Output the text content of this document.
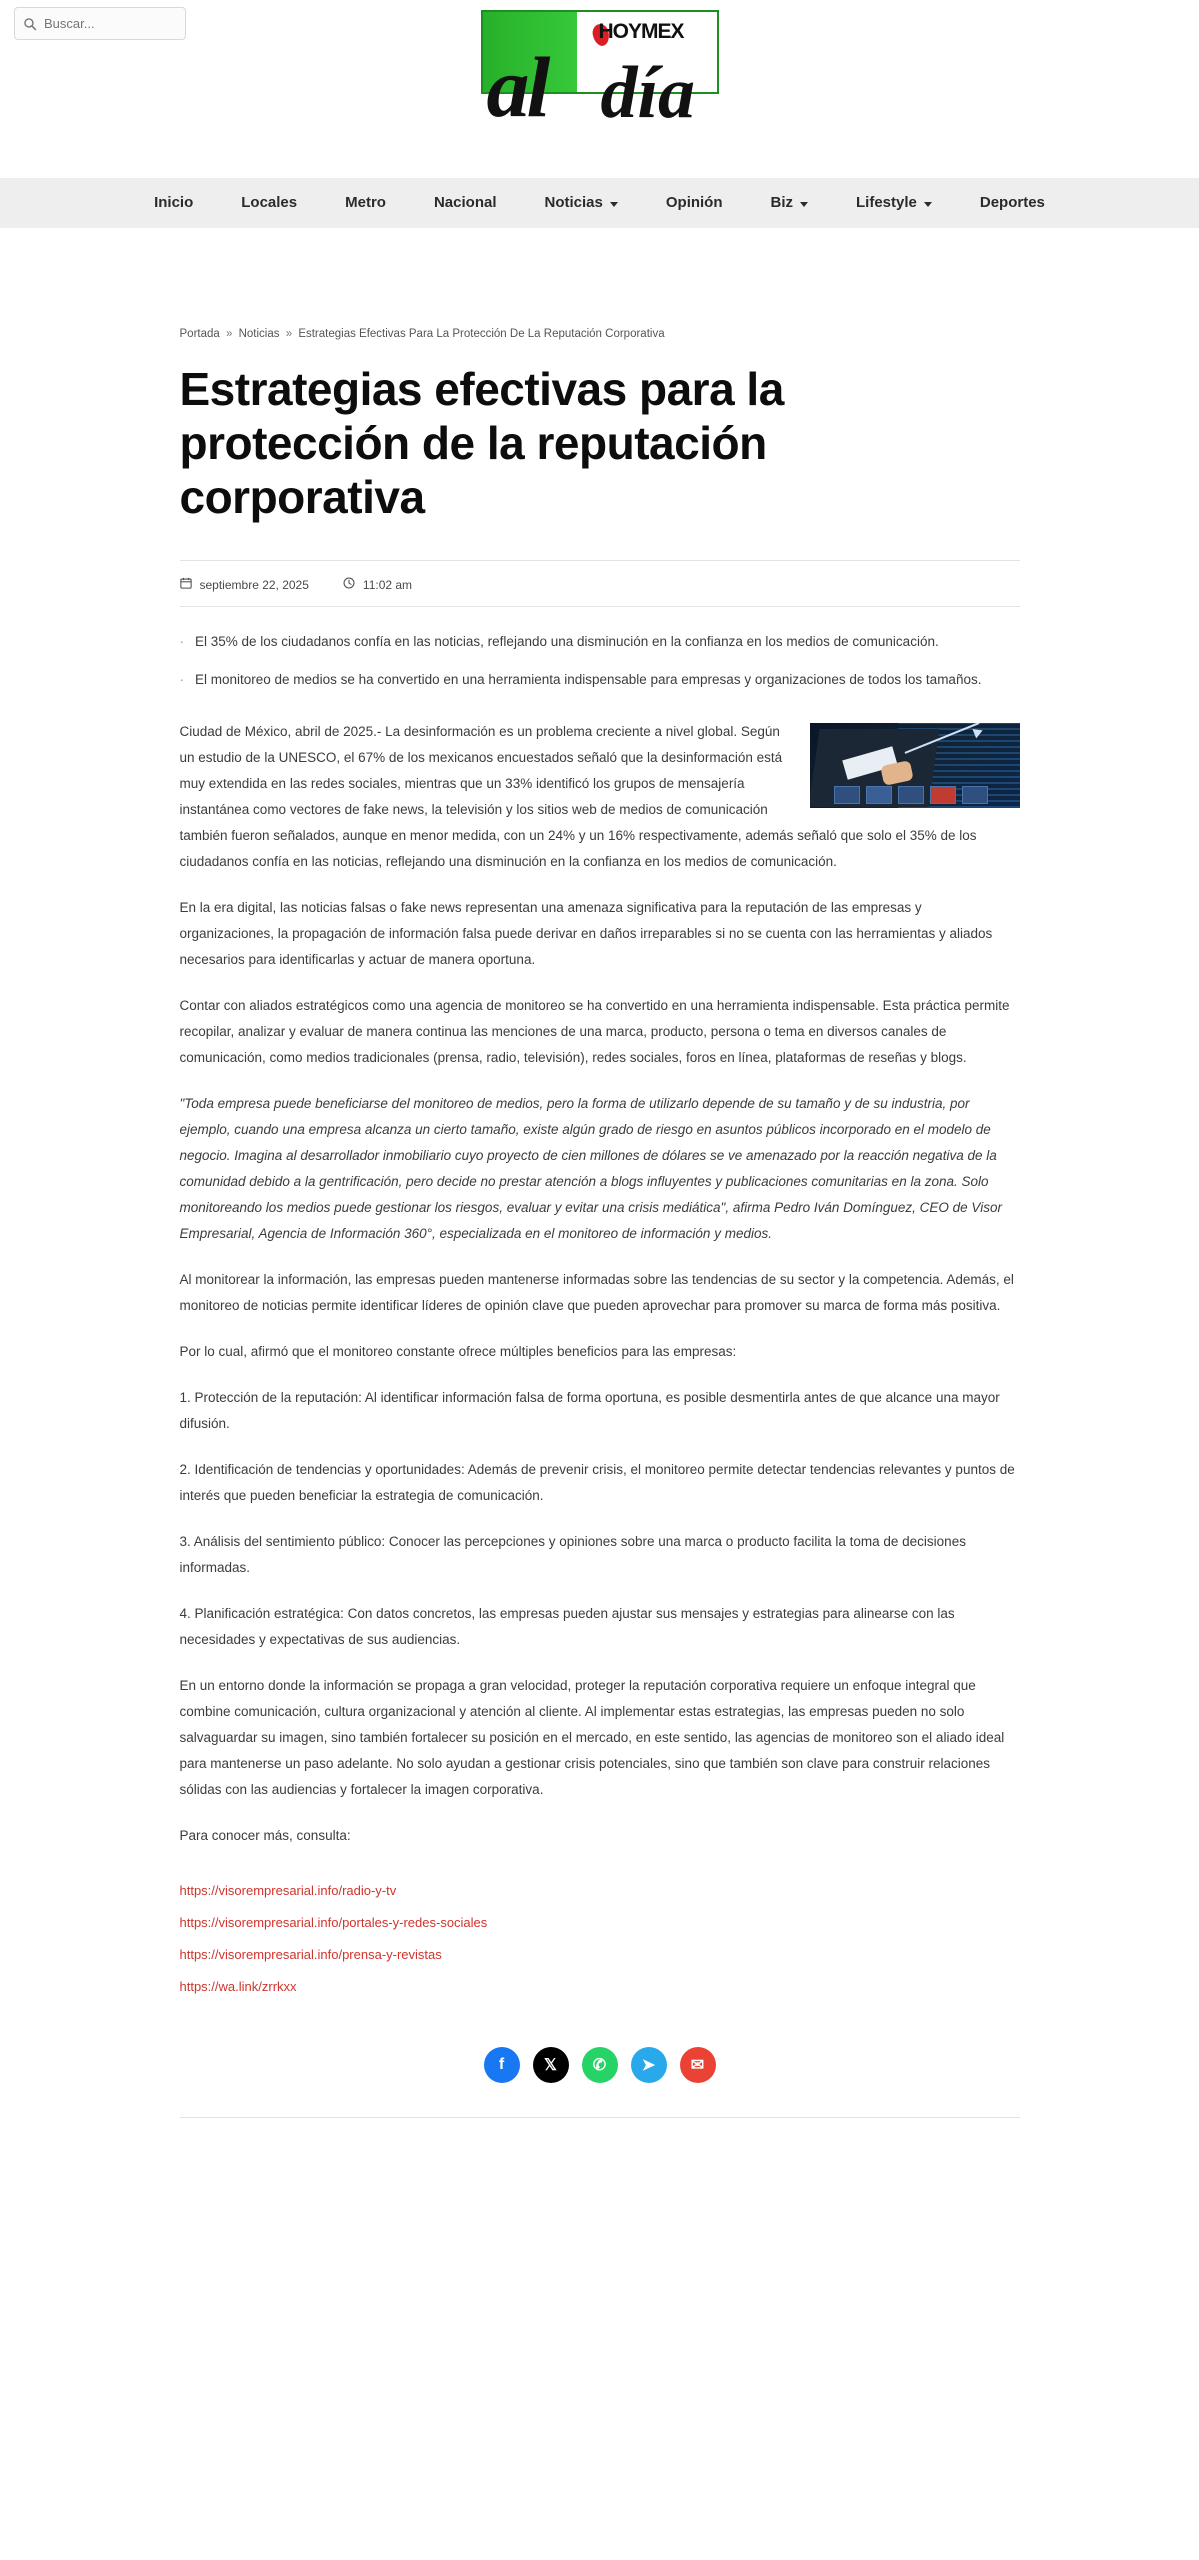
Buscar...
HOYMEX
al día
Inicio	Locales	Metro	Nacional	Noticias	Opinión	Biz	Lifestyle	Deportes
Portada » Noticias » Estrategias Efectivas Para La Protección De La Reputación Corporativa
Estrategias efectivas para la protección de la reputación corporativa
septiembre 22, 2025	11:02 am
· El 35% de los ciudadanos confía en las noticias, reflejando una disminución en la confianza en los medios de comunicación.
· El monitoreo de medios se ha convertido en una herramienta indispensable para empresas y organizaciones de todos los tamaños.

Ciudad de México, abril de 2025.- La desinformación es un problema creciente a nivel global. Según un estudio de la UNESCO, el 67% de los mexicanos encuestados señaló que la desinformación está muy extendida en las redes sociales, mientras que un 33% identificó los grupos de mensajería instantánea como vectores de fake news, la televisión y los sitios web de medios de comunicación también fueron señalados, aunque en menor medida, con un 24% y un 16% respectivamente, además señaló que solo el 35% de los ciudadanos confía en las noticias, reflejando una disminución en la confianza en los medios de comunicación.

En la era digital, las noticias falsas o fake news representan una amenaza significativa para la reputación de las empresas y organizaciones, la propagación de información falsa puede derivar en daños irreparables si no se cuenta con las herramientas y aliados necesarios para identificarlas y actuar de manera oportuna.

Contar con aliados estratégicos como una agencia de monitoreo se ha convertido en una herramienta indispensable. Esta práctica permite recopilar, analizar y evaluar de manera continua las menciones de una marca, producto, persona o tema en diversos canales de comunicación, como medios tradicionales (prensa, radio, televisión), redes sociales, foros en línea, plataformas de reseñas y blogs.

"Toda empresa puede beneficiarse del monitoreo de medios, pero la forma de utilizarlo depende de su tamaño y de su industria, por ejemplo, cuando una empresa alcanza un cierto tamaño, existe algún grado de riesgo en asuntos públicos incorporado en el modelo de negocio. Imagina al desarrollador inmobiliario cuyo proyecto de cien millones de dólares se ve amenazado por la reacción negativa de la comunidad debido a la gentrificación, pero decide no prestar atención a blogs influyentes y publicaciones comunitarias en la zona. Solo monitoreando los medios puede gestionar los riesgos, evaluar y evitar una crisis mediática", afirma Pedro Iván Domínguez, CEO de Visor Empresarial, Agencia de Información 360°, especializada en el monitoreo de información y medios.

Al monitorear la información, las empresas pueden mantenerse informadas sobre las tendencias de su sector y la competencia. Además, el monitoreo de noticias permite identificar líderes de opinión clave que pueden aprovechar para promover su marca de forma más positiva.

Por lo cual, afirmó que el monitoreo constante ofrece múltiples beneficios para las empresas:

1. Protección de la reputación: Al identificar información falsa de forma oportuna, es posible desmentirla antes de que alcance una mayor difusión.

2. Identificación de tendencias y oportunidades: Además de prevenir crisis, el monitoreo permite detectar tendencias relevantes y puntos de interés que pueden beneficiar la estrategia de comunicación.

3. Análisis del sentimiento público: Conocer las percepciones y opiniones sobre una marca o producto facilita la toma de decisiones informadas.

4. Planificación estratégica: Con datos concretos, las empresas pueden ajustar sus mensajes y estrategias para alinearse con las necesidades y expectativas de sus audiencias.

En un entorno donde la información se propaga a gran velocidad, proteger la reputación corporativa requiere un enfoque integral que combine comunicación, cultura organizacional y atención al cliente. Al implementar estas estrategias, las empresas pueden no solo salvaguardar su imagen, sino también fortalecer su posición en el mercado, en este sentido, las agencias de monitoreo son el aliado ideal para mantenerse un paso adelante. No solo ayudan a gestionar crisis potenciales, sino que también son clave para construir relaciones sólidas con las audiencias y fortalecer la imagen corporativa.

Para conocer más, consulta:

https://visorempresarial.info/radio-y-tv
https://visorempresarial.info/portales-y-redes-sociales
https://visorempresarial.info/prensa-y-revistas
https://wa.link/zrrkxx
f 𝕏 ✆ ➤ ✉
